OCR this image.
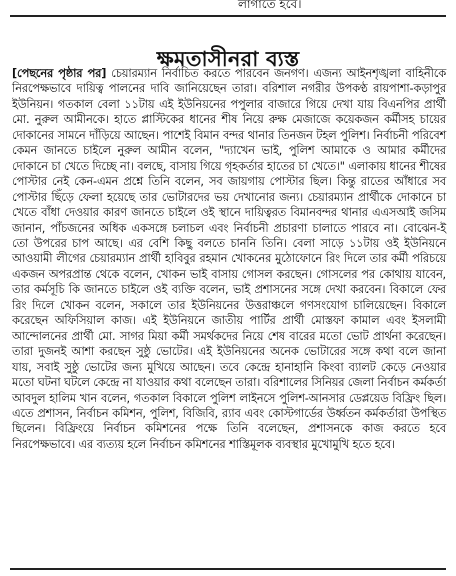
লাগাতে হবে।
ক্ষমতাসীনরা ব্যস্ত
[পেছনের পৃষ্ঠার পর] চেয়ারম্যান নির্বাচিত করতে পারবেন জনগণ। এজন্য আইনশৃঙ্খলা বাহিনীকে নিরপেক্ষভাবে দায়িত্ব পালনের দাবি জানিয়েছেন তারা। বরিশাল নগরীর উপকণ্ঠ রায়পাশা-কড়াপুর ইউনিয়ন। গতকাল বেলা ১১টায় এই ইউনিয়নের পপুলার বাজারে গিয়ে দেখা যায় বিএনপির প্রার্থী মো. নুরুল আমীনকে। হাতে প্লাস্টিকের ধানের শীষ নিয়ে রুক্ষ মেজাজে কয়েকজন কর্মীসহ চায়ের দোকানের সামনে দাঁড়িয়ে আছেন। পাশেই বিমান বন্দর থানার তিনজন টহল পুলিশ। নির্বাচনী পরিবেশ কেমন জানতে চাইলে নুরুল আমীন বলেন, "দ্যাখেন ভাই, পুলিশ আমাকে ও আমার কর্মীদের দোকানে চা খেতে দিচ্ছে না। বলছে, বাসায় গিয়ে গৃহকর্তার হাতের চা খেতে।" এলাকায় ধানের শীষের পোস্টার নেই কেন-এমন প্রশ্নে তিনি বলেন, সব জায়গায় পোস্টার ছিল। কিন্তু রাতের আঁধারে সব পোস্টার ছিঁড়ে ফেলা হয়েছে তার ভোটারদের ভয় দেখানোর জন্য। চেয়ারম্যান প্রার্থীকে দোকানে চা খেতে বাঁধা দেওয়ার কারণ জানতে চাইলে ওই স্থানে দায়িত্বরত বিমানবন্দর থানার এএসআই জসিম জানান, পাঁচজনের অধিক একসঙ্গে চলাচল এবং নির্বাচনী প্রচারণা চালাতে পারবে না। বোঝেন-ই তো উপরের চাপ আছে। এর বেশি কিছু বলতে চাননি তিনি। বেলা সাড়ে ১১টায় ওই ইউনিয়নে আওয়ামী লীগের চেয়ারম্যান প্রার্থী হাবিবুর রহমান খোকনের মুঠোফোনে রিং দিলে তার কর্মী পরিচয়ে একজন অপরপ্রান্ত থেকে বলেন, খোকন ভাই বাসায় গোসল করছেন। গোসলের পর কোথায় যাবেন, তার কর্মসূচি কি জানতে চাইলে ওই ব্যক্তি বলেন, ভাই প্রশাসনের সঙ্গে দেখা করবেন। বিকালে ফের রিং দিলে খোকন বলেন, সকালে তার ইউনিয়নের উত্তরাঞ্চলে গণসংযোগ চালিয়েছেন। বিকালে করেছেন অফিসিয়াল কাজ। এই ইউনিয়নে জাতীয় পার্টির প্রার্থী মোস্তফা কামাল এবং ইসলামী আন্দোলনের প্রার্থী মো. সাগর মিয়া কর্মী সমর্থকদের নিয়ে শেষ বারের মতো ভোট প্রার্থনা করেছেন। তারা দুজনই আশা করছেন সুষ্ঠু ভোটের। এই ইউনিয়নের অনেক ভোটারের সঙ্গে কথা বলে জানা যায়, সবাই সুষ্ঠু ভোটের জন্য মুখিয়ে আছেন। তবে কেন্দ্রে হানাহানি কিংবা ব্যালট কেড়ে নেওয়ার মতো ঘটনা ঘটলে কেন্দ্রে না যাওয়ার কথা বলেছেন তারা। বরিশালের সিনিয়র জেলা নির্বাচন কর্মকর্তা আবদুল হালিম খান বলেন, গতকাল বিকালে পুলিশ লাইনসে পুলিশ-আনসার ডেপ্লয়েড বিফ্রিং ছিল। এতে প্রশাসন, নির্বাচন কমিশন, পুলিশ, বিজিবি, র‌্যাব এবং কোস্টগার্ডের উর্ধ্বতন কর্মকর্তারা উপস্থিত ছিলেন। বিফ্রিংয়ে নির্বাচন কমিশনের পক্ষে তিনি বলেছেন, প্রশাসনকে কাজ করতে হবে নিরপেক্ষভাবে। এর ব্যত্যয় হলে নির্বাচন কমিশনের শাস্তিমূলক ব্যবস্থার মুখোমুখি হতে হবে।
